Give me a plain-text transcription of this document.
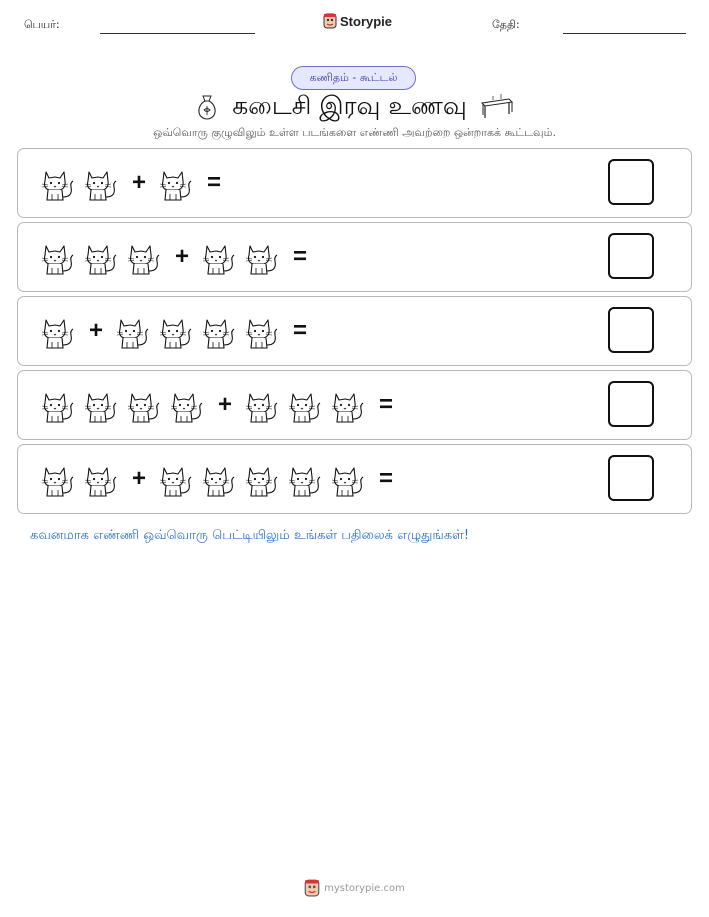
பெயர்:	Storypie	தேதி:
கணிதம் - கூட்டல்
கடைசி இரவு உணவு
ஒவ்வொரு குழுவிலும் உள்ள படங்களை எண்ணி அவற்றை ஒன்றாகக் கூட்டவும்.
+	=
+	=
+	=
+	=
+	=
கவனமாக எண்ணி ஒவ்வொரு பெட்டியிலும் உங்கள் பதிலைக் எழுதுங்கள்!
mystorypie.com
